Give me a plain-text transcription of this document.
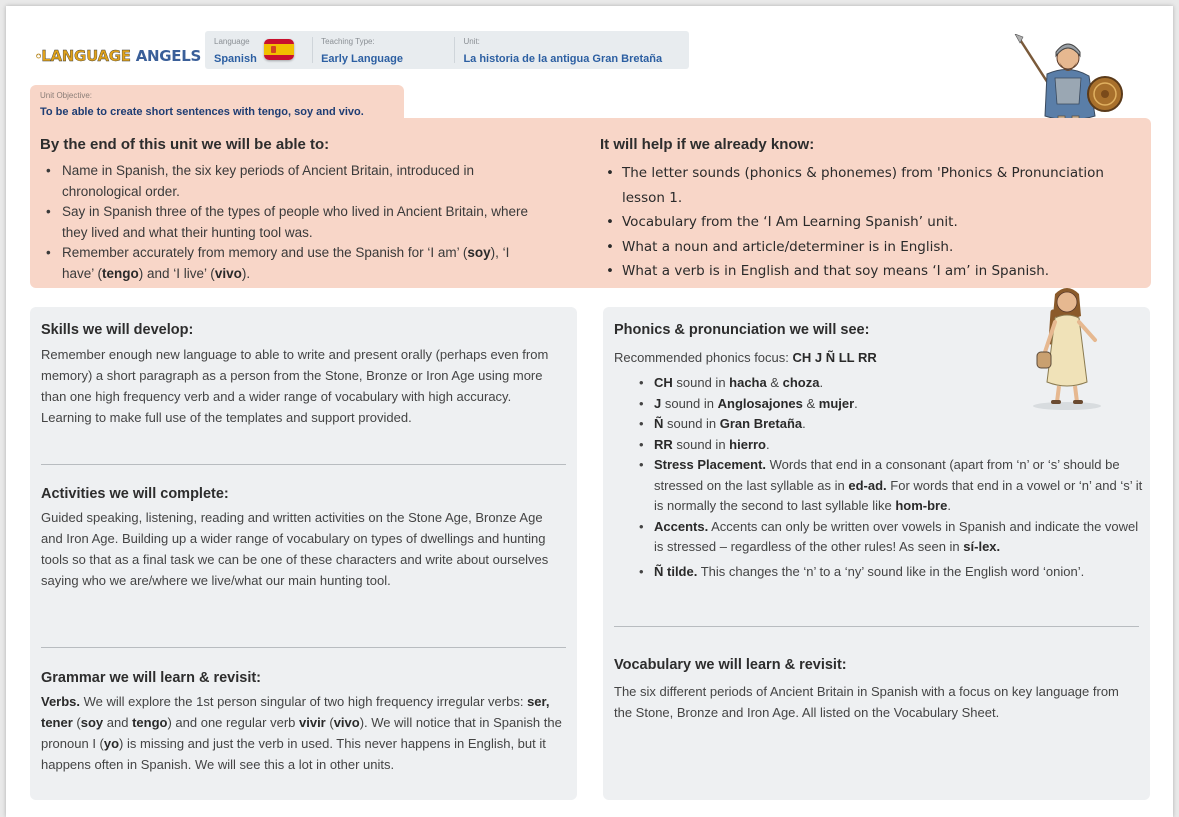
LANGUAGE ANGELS
Language
Spanish
Teaching Type:
Early Language
Unit:
La historia de la antigua Gran Bretaña
Unit Objective:
To be able to create short sentences with tengo, soy and vivo.
By the end of this unit we will be able to:
• Name in Spanish, the six key periods of Ancient Britain, introduced in chronological order.
• Say in Spanish three of the types of people who lived in Ancient Britain, where they lived and what their hunting tool was.
• Remember accurately from memory and use the Spanish for ‘I am’ (soy), ‘I have’ (tengo) and ‘I live’ (vivo).
It will help if we already know:
• The letter sounds (phonics & phonemes) from 'Phonics & Pronunciation lesson 1.
• Vocabulary from the ‘I Am Learning Spanish’ unit.
• What a noun and article/determiner is in English.
• What a verb is in English and that soy means ‘I am’ in Spanish.
Skills we will develop:

Remember enough new language to able to write and present orally (perhaps even from memory) a short paragraph as a person from the Stone, Bronze or Iron Age using more than one high frequency verb and a wider range of vocabulary with high accuracy. Learning to make full use of the templates and support provided.

Activities we will complete:

Guided speaking, listening, reading and written activities on the Stone Age, Bronze Age and Iron Age. Building up a wider range of vocabulary on types of dwellings and hunting tools so that as a final task we can be one of these characters and write about ourselves saying who we are/where we live/what our main hunting tool.

Grammar we will learn & revisit:

Verbs. We will explore the 1st person singular of two high frequency irregular verbs: ser, tener (soy and tengo) and one regular verb vivir (vivo). We will notice that in Spanish the pronoun I (yo) is missing and just the verb in used. This never happens in English, but it happens often in Spanish. We will see this a lot in other units.

Phonics & pronunciation we will see:

Recommended phonics focus: CH J Ñ LL RR

• CH sound in hacha & choza.
• J sound in Anglosajones & mujer.
• Ñ sound in Gran Bretaña.
• RR sound in hierro.
• Stress Placement. Words that end in a consonant (apart from ‘n’ or ‘s’ should be stressed on the last syllable as in ed-ad. For words that end in a vowel or ‘n’ and ‘s’ it is normally the second to last syllable like hom-bre.
• Accents. Accents can only be written over vowels in Spanish and indicate the vowel is stressed – regardless of the other rules! As seen in sí-lex.
• Ñ tilde. This changes the ‘n’ to a ‘ny’ sound like in the English word ‘onion’.
Vocabulary we will learn & revisit:

The six different periods of Ancient Britain in Spanish with a focus on key language from the Stone, Bronze and Iron Age. All listed on the Vocabulary Sheet.
